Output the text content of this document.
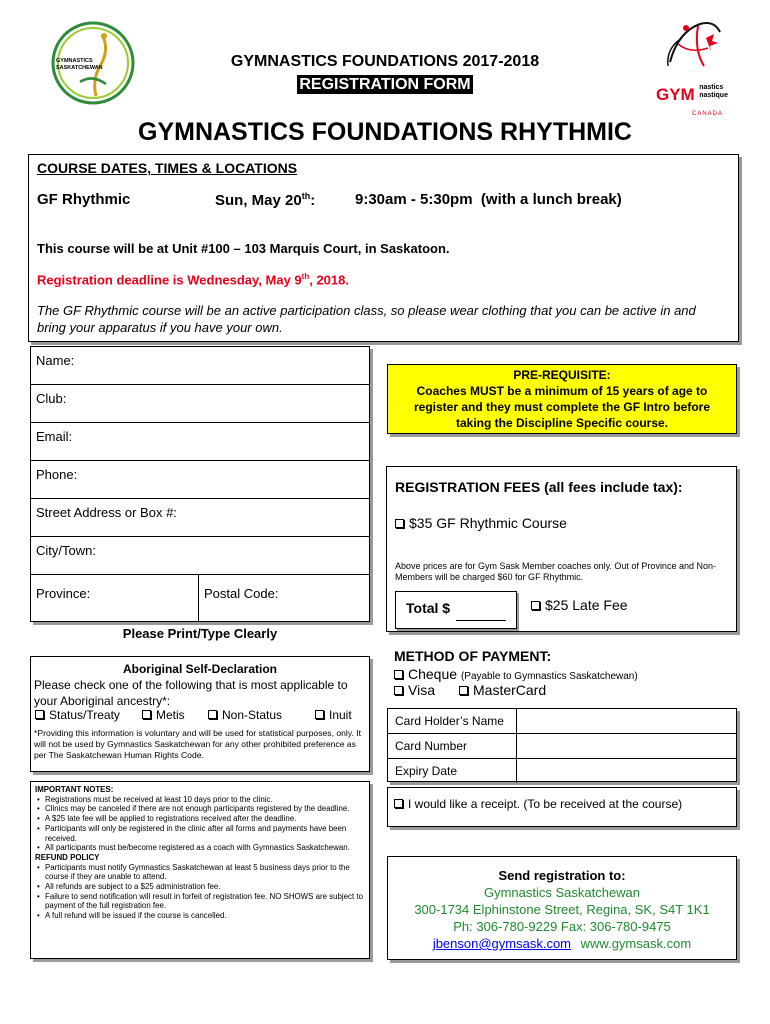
GYMNASTICS
SASKATCHEWAN	GYMNASTICS FOUNDATIONS 2017-2018
REGISTRATION FORM
GYM nastics
nastique
CANADA
GYMNASTICS FOUNDATIONS RHYTHMIC
COURSE DATES, TIMES & LOCATIONS
GF Rhythmic	Sun, May 20th:	9:30am - 5:30pm (with a lunch break)
This course will be at Unit #100 – 103 Marquis Court, in Saskatoon.
Registration deadline is Wednesday, May 9th, 2018.
The GF Rhythmic course will be an active participation class, so please wear clothing that you can be active in and bring your apparatus if you have your own.
Name:
Club:
Email:
Phone:
Street Address or Box #:
City/Town:
Province:	Postal Code:
Please Print/Type Clearly
PRE-REQUISITE:
Coaches MUST be a minimum of 15 years of age to register and they must complete the GF Intro before taking the Discipline Specific course.
REGISTRATION FEES (all fees include tax):
$35 GF Rhythmic Course
Above prices are for Gym Sask Member coaches only. Out of Province and Non-Members will be charged $60 for GF Rhythmic.
Total $	$25 Late Fee
Aboriginal Self-Declaration
Please check one of the following that is most applicable to your Aboriginal ancestry*:
Status/Treaty	Metis	Non-Status	Inuit
*Providing this information is voluntary and will be used for statistical purposes, only. It will not be used by Gymnastics Saskatchewan for any other prohibited preference as per The Saskatchewan Human Rights Code.
IMPORTANT NOTES:
• Registrations must be received at least 10 days prior to the clinic.
• Clinics may be canceled if there are not enough participants registered by the deadline.
• A $25 late fee will be applied to registrations received after the deadline.
• Participants will only be registered in the clinic after all forms and payments have been received.
• All participants must be/become registered as a coach with Gymnastics Saskatchewan.
REFUND POLICY
• Participants must notify Gymnastics Saskatchewan at least 5 business days prior to the course if they are unable to attend.
• All refunds are subject to a $25 administration fee.
• Failure to send notification will result in forfeit of registration fee. NO SHOWS are subject to payment of the full registration fee.
• A full refund will be issued if the course is cancelled.
METHOD OF PAYMENT:
Cheque (Payable to Gymnastics Saskatchewan)
Visa	MasterCard
Card Holder’s Name
Card Number
Expiry Date
I would like a receipt. (To be received at the course)
Send registration to:
Gymnastics Saskatchewan
300-1734 Elphinstone Street, Regina, SK, S4T 1K1
Ph: 306-780-9229 Fax: 306-780-9475
jbenson@gymsask.com www.gymsask.com
